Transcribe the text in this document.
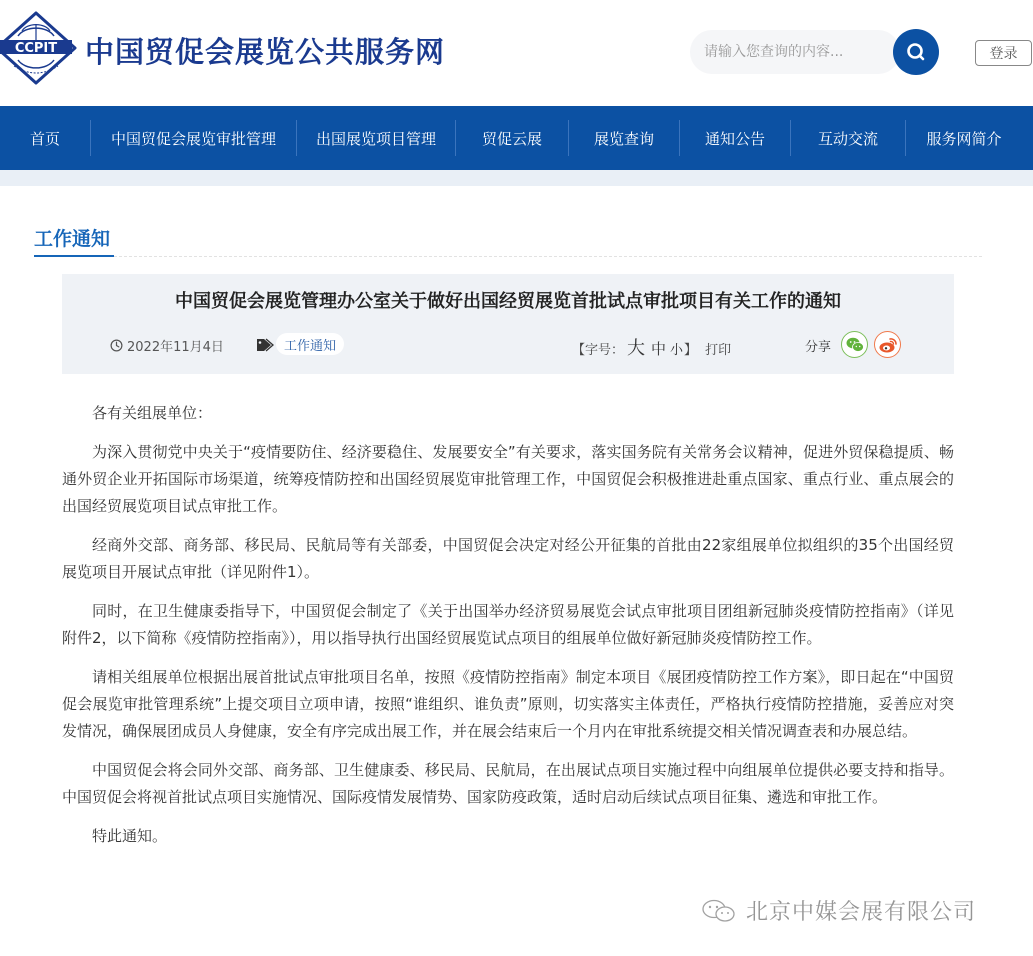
CCPIT 中国贸促会展览公共服务网
请输入您查询的内容...	登录
首页	中国贸促会展览审批管理	出国展览项目管理	贸促云展	展览查询	通知公告	互动交流	服务网简介
工作通知
中国贸促会展览管理办公室关于做好出国经贸展览首批试点审批项目有关工作的通知
2022年11月4日	工作通知	【字号： 大 中 小 】 打印	分享

各有关组展单位：

为深入贯彻党中央关于“疫情要防住、经济要稳住、发展要安全”有关要求，落实国务院有关常务会议精神，促进外贸保稳提质、畅通外贸企业开拓国际市场渠道，统筹疫情防控和出国经贸展览审批管理工作，中国贸促会积极推进赴重点国家、重点行业、重点展会的出国经贸展览项目试点审批工作。

经商外交部、商务部、移民局、民航局等有关部委，中国贸促会决定对经公开征集的首批由22家组展单位拟组织的35个出国经贸展览项目开展试点审批（详见附件1）。

同时，在卫生健康委指导下，中国贸促会制定了《关于出国举办经济贸易展览会试点审批项目团组新冠肺炎疫情防控指南》（详见附件2，以下简称《疫情防控指南》），用以指导执行出国经贸展览试点项目的组展单位做好新冠肺炎疫情防控工作。

请相关组展单位根据出展首批试点审批项目名单，按照《疫情防控指南》制定本项目《展团疫情防控工作方案》，即日起在“中国贸促会展览审批管理系统”上提交项目立项申请，按照“谁组织、谁负责”原则，切实落实主体责任，严格执行疫情防控措施，妥善应对突发情况，确保展团成员人身健康，安全有序完成出展工作，并在展会结束后一个月内在审批系统提交相关情况调查表和办展总结。

中国贸促会将会同外交部、商务部、卫生健康委、移民局、民航局，在出展试点项目实施过程中向组展单位提供必要支持和指导。中国贸促会将视首批试点项目实施情况、国际疫情发展情势、国家防疫政策，适时启动后续试点项目征集、遴选和审批工作。

特此通知。

北京中媒会展有限公司
